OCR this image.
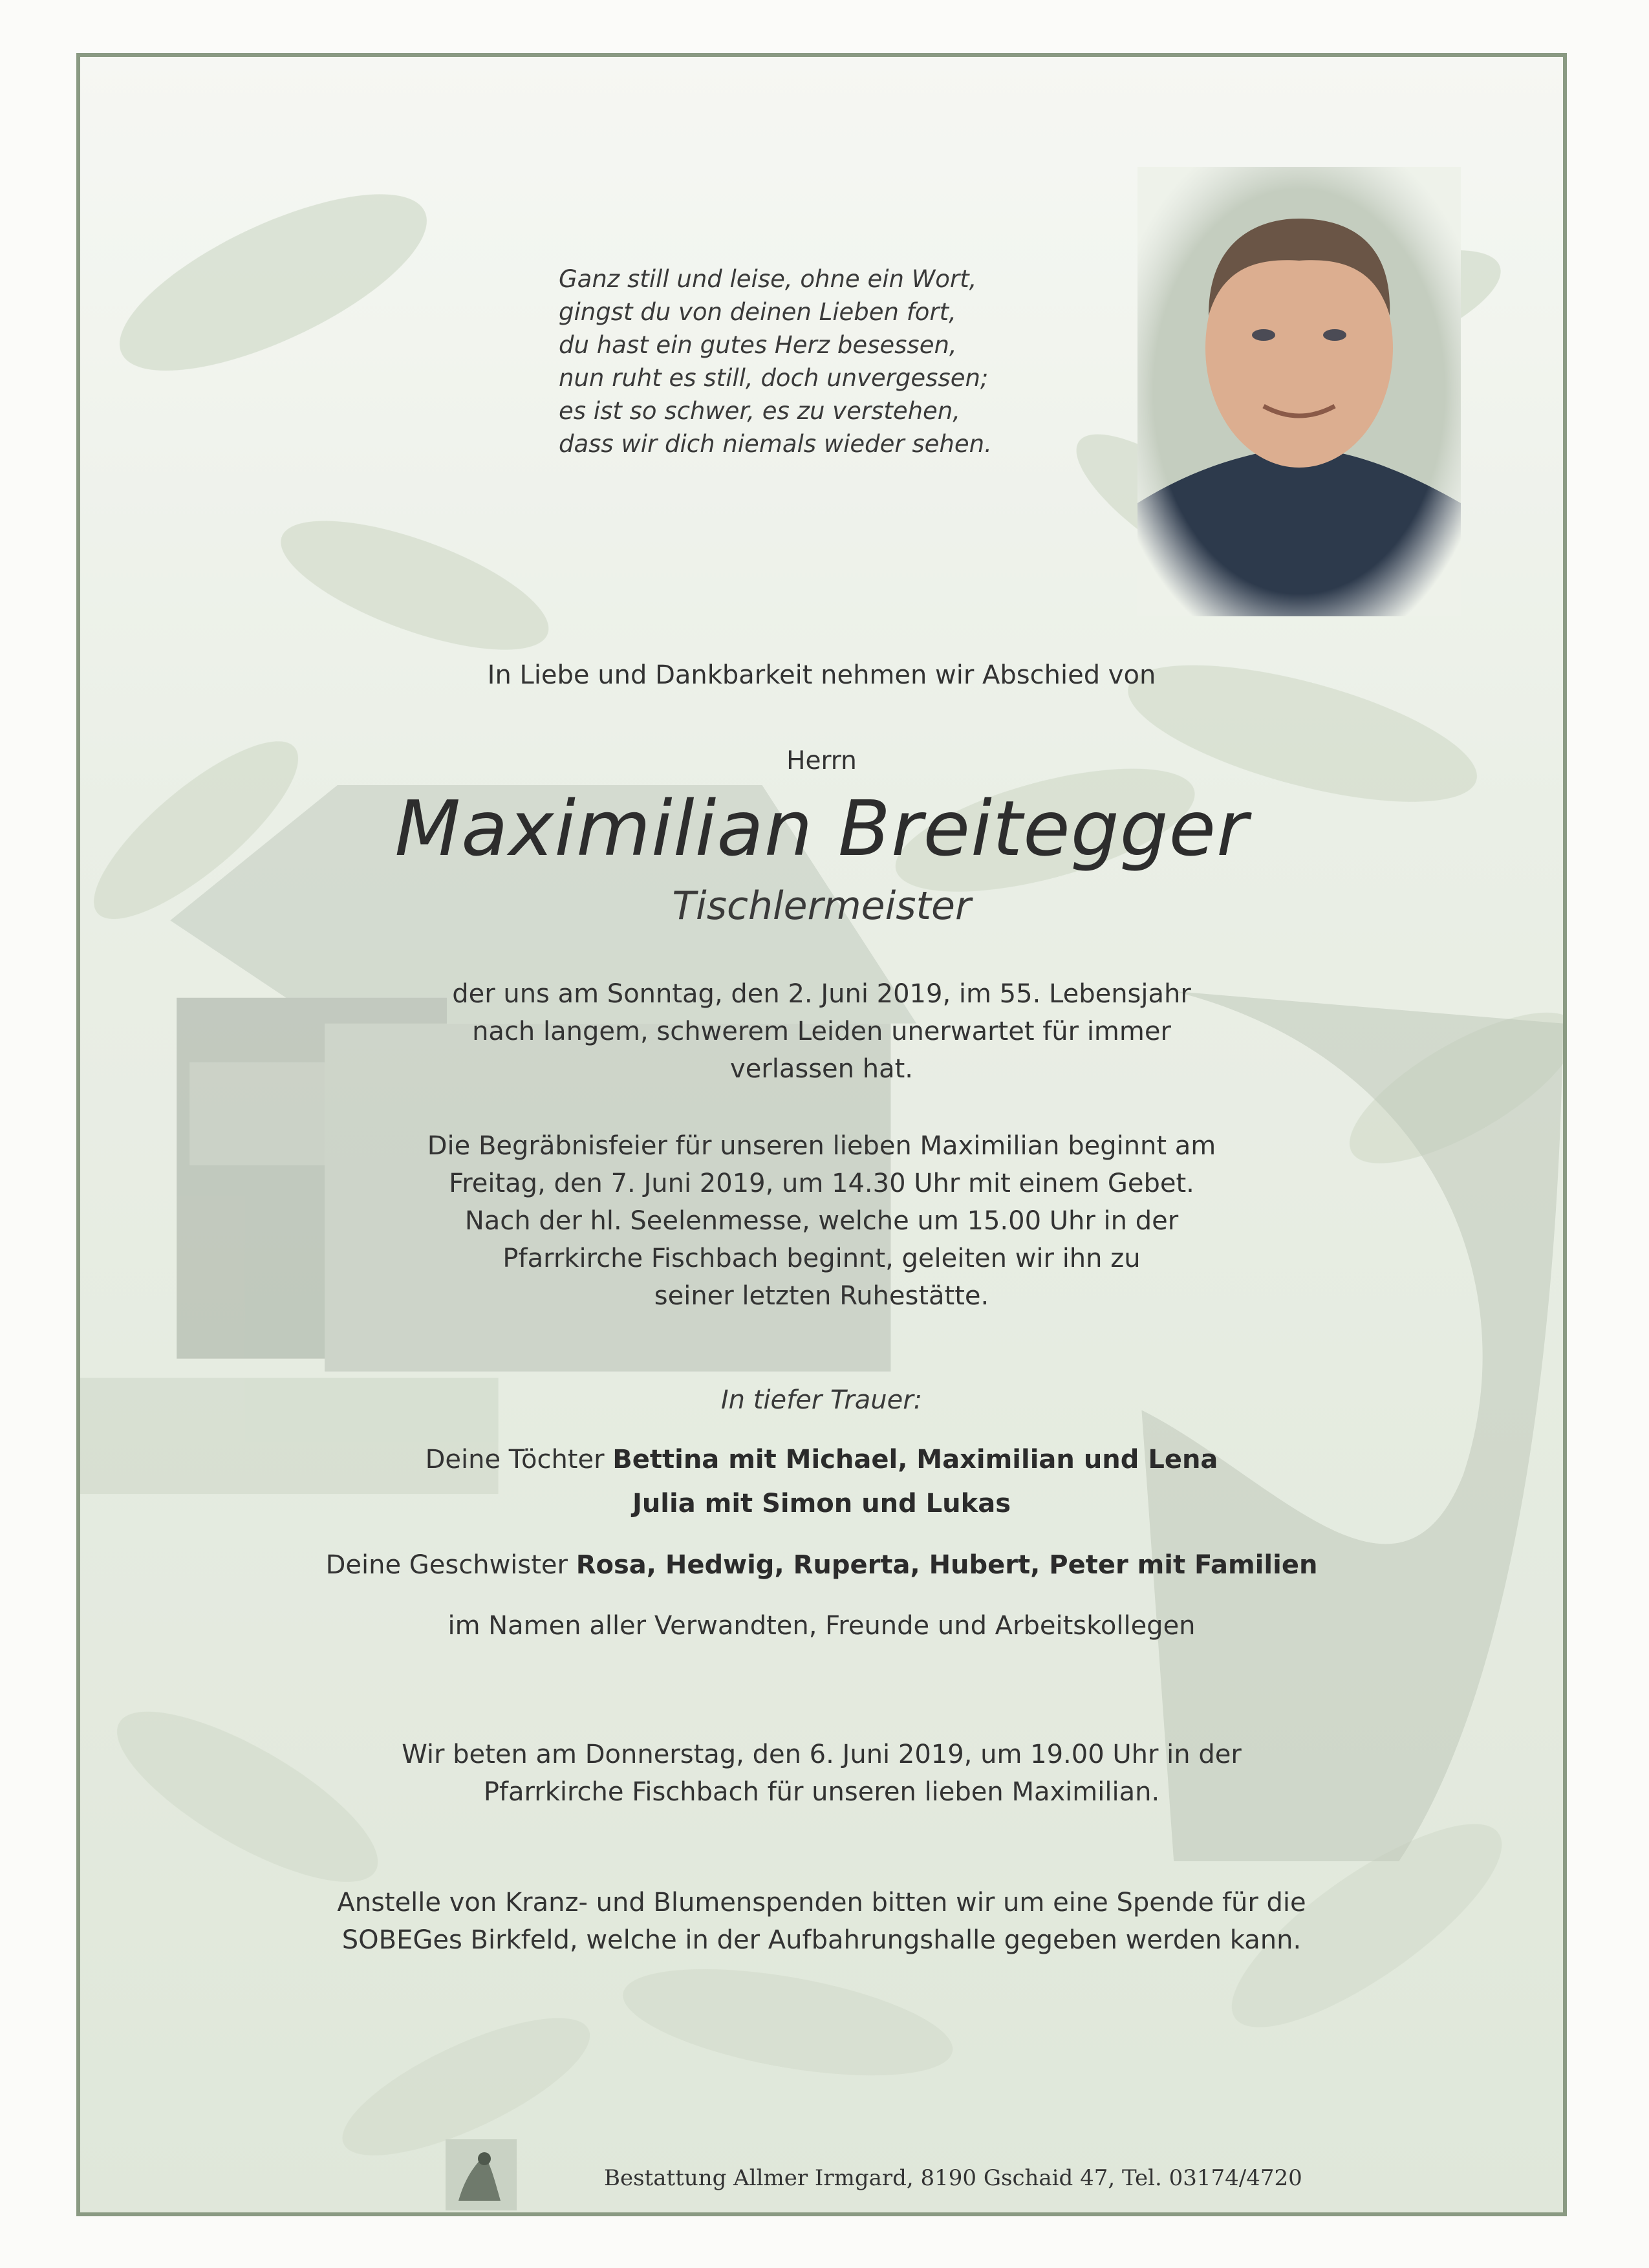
Ganz still und leise, ohne ein Wort,
gingst du von deinen Lieben fort,
du hast ein gutes Herz besessen,
nun ruht es still, doch unvergessen;
es ist so schwer, es zu verstehen,
dass wir dich niemals wieder sehen.
In Liebe und Dankbarkeit nehmen wir Abschied von
Herrn
Maximilian Breitegger
Tischlermeister
der uns am Sonntag, den 2. Juni 2019, im 55. Lebensjahr
nach langem, schwerem Leiden unerwartet für immer
verlassen hat.
Die Begräbnisfeier für unseren lieben Maximilian beginnt am
Freitag, den 7. Juni 2019, um 14.30 Uhr mit einem Gebet.
Nach der hl. Seelenmesse, welche um 15.00 Uhr in der
Pfarrkirche Fischbach beginnt, geleiten wir ihn zu
seiner letzten Ruhestätte.
In tiefer Trauer:
Deine Töchter Bettina mit Michael, Maximilian und Lena
Julia mit Simon und Lukas
Deine Geschwister Rosa, Hedwig, Ruperta, Hubert, Peter mit Familien
im Namen aller Verwandten, Freunde und Arbeitskollegen
Wir beten am Donnerstag, den 6. Juni 2019, um 19.00 Uhr in der
Pfarrkirche Fischbach für unseren lieben Maximilian.
Anstelle von Kranz- und Blumenspenden bitten wir um eine Spende für die
SOBEGes Birkfeld, welche in der Aufbahrungshalle gegeben werden kann.
Bestattung Allmer Irmgard, 8190 Gschaid 47, Tel. 03174/4720
